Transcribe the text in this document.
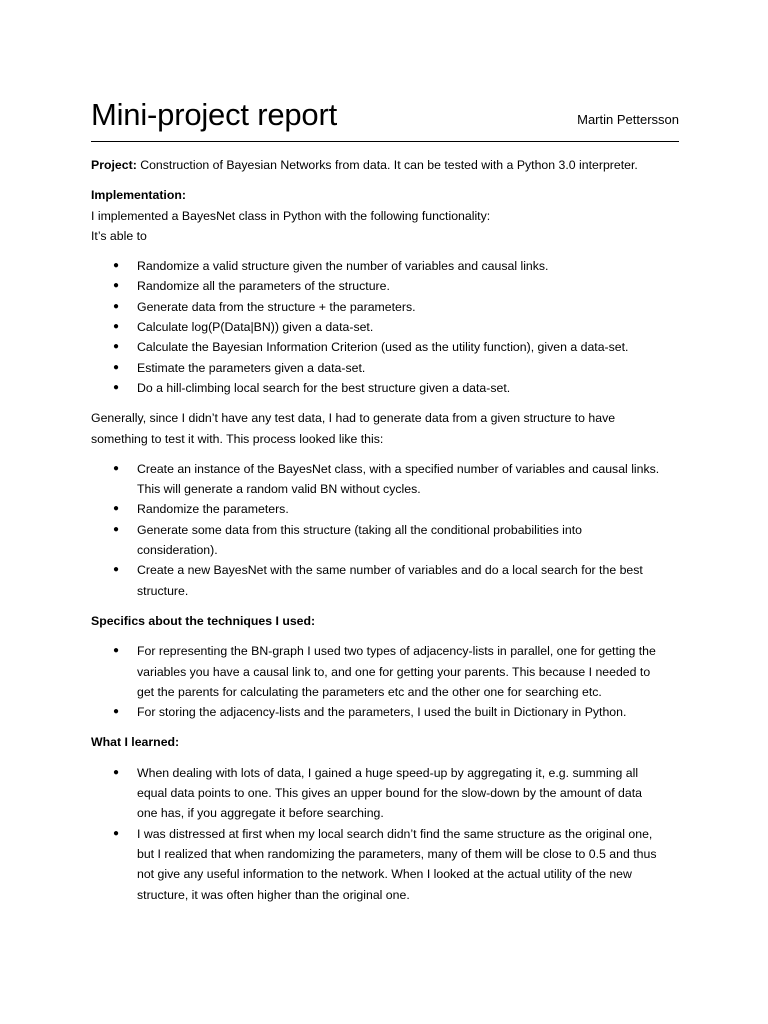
Mini-project report	Martin Pettersson

Project: Construction of Bayesian Networks from data. It can be tested with a Python 3.0 interpreter.

Implementation:

I implemented a BayesNet class in Python with the following functionality:

It’s able to

● Randomize a valid structure given the number of variables and causal links.
● Randomize all the parameters of the structure.
● Generate data from the structure + the parameters.
● Calculate log(P(Data|BN)) given a data-set.
● Calculate the Bayesian Information Criterion (used as the utility function), given a data-set.
● Estimate the parameters given a data-set.
● Do a hill-climbing local search for the best structure given a data-set.

Generally, since I didn’t have any test data, I had to generate data from a given structure to have

something to test it with. This process looked like this:

● Create an instance of the BayesNet class, with a specified number of variables and causal links.
This will generate a random valid BN without cycles.
● Randomize the parameters.
● Generate some data from this structure (taking all the conditional probabilities into
consideration).
● Create a new BayesNet with the same number of variables and do a local search for the best
structure.

Specifics about the techniques I used:

● For representing the BN-graph I used two types of adjacency-lists in parallel, one for getting the
variables you have a causal link to, and one for getting your parents. This because I needed to
get the parents for calculating the parameters etc and the other one for searching etc.
● For storing the adjacency-lists and the parameters, I used the built in Dictionary in Python.

What I learned:

● When dealing with lots of data, I gained a huge speed-up by aggregating it, e.g. summing all
equal data points to one. This gives an upper bound for the slow-down by the amount of data
one has, if you aggregate it before searching.
● I was distressed at first when my local search didn’t find the same structure as the original one,
but I realized that when randomizing the parameters, many of them will be close to 0.5 and thus
not give any useful information to the network. When I looked at the actual utility of the new
structure, it was often higher than the original one.
